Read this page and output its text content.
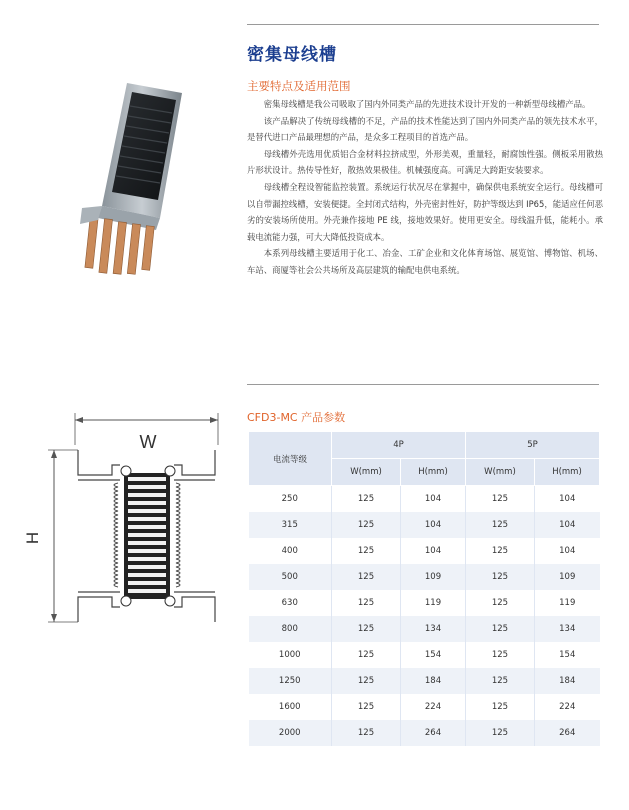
密集母线槽
主要特点及适用范围

密集母线槽是我公司吸取了国内外同类产品的先进技术设计开发的一种新型母线槽产品。

该产品解决了传统母线槽的不足，产品的技术性能达到了国内外同类产品的领先技术水平，是替代进口产品最理想的产品，是众多工程项目的首选产品。

母线槽外壳选用优质铝合金材料拉挤成型，外形美观，重量轻，耐腐蚀性强。侧板采用散热片形状设计。热传导性好，散热效果极佳。机械强度高。可满足大跨距安装要求。

母线槽全程设智能监控装置。系统运行状况尽在掌握中，确保供电系统安全运行。母线槽可以自带漏控线槽，安装便捷。全封闭式结构，外壳密封性好，防护等级达到 IP65，能适应任何恶劣的安装场所使用。外壳兼作接地 PE 线，接地效果好。使用更安全。母线温升低，能耗小。承载电流能力强，可大大降低投资成本。

本系列母线槽主要适用于化工、冶金、工矿企业和文化体育场馆、展览馆、博物馆、机场、车站、商厦等社会公共场所及高层建筑的输配电供电系统。

CFD3-MC 产品参数
W
H
电流等级	4P		5P	
	W(mm)	H(mm)	W(mm)	H(mm)
250	125	104	125	104
315	125	104	125	104
400	125	104	125	104
500	125	109	125	109
630	125	119	125	119
800	125	134	125	134
1000	125	154	125	154
1250	125	184	125	184
1600	125	224	125	224
2000	125	264	125	264
